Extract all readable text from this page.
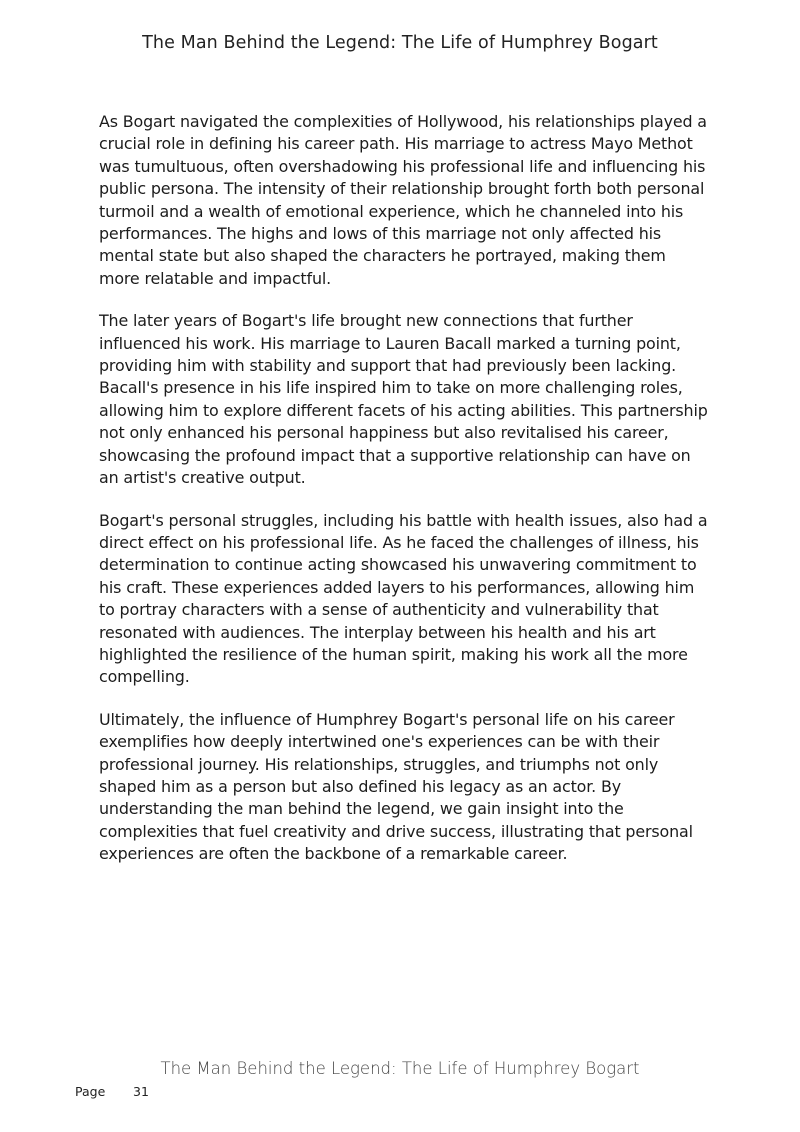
The Man Behind the Legend: The Life of Humphrey Bogart

As Bogart navigated the complexities of Hollywood, his relationships played a crucial role in defining his career path. His marriage to actress Mayo Methot was tumultuous, often overshadowing his professional life and influencing his public persona. The intensity of their relationship brought forth both personal turmoil and a wealth of emotional experience, which he channeled into his performances. The highs and lows of this marriage not only affected his mental state but also shaped the characters he portrayed, making them more relatable and impactful.

The later years of Bogart's life brought new connections that further influenced his work. His marriage to Lauren Bacall marked a turning point, providing him with stability and support that had previously been lacking. Bacall's presence in his life inspired him to take on more challenging roles, allowing him to explore different facets of his acting abilities. This partnership not only enhanced his personal happiness but also revitalised his career, showcasing the profound impact that a supportive relationship can have on an artist's creative output.

Bogart's personal struggles, including his battle with health issues, also had a direct effect on his professional life. As he faced the challenges of illness, his determination to continue acting showcased his unwavering commitment to his craft. These experiences added layers to his performances, allowing him to portray characters with a sense of authenticity and vulnerability that resonated with audiences. The interplay between his health and his art highlighted the resilience of the human spirit, making his work all the more compelling.

Ultimately, the influence of Humphrey Bogart's personal life on his career exemplifies how deeply intertwined one's experiences can be with their professional journey. His relationships, struggles, and triumphs not only shaped him as a person but also defined his legacy as an actor. By understanding the man behind the legend, we gain insight into the complexities that fuel creativity and drive success, illustrating that personal experiences are often the backbone of a remarkable career.

The Man Behind the Legend: The Life of Humphrey Bogart
Page 31
